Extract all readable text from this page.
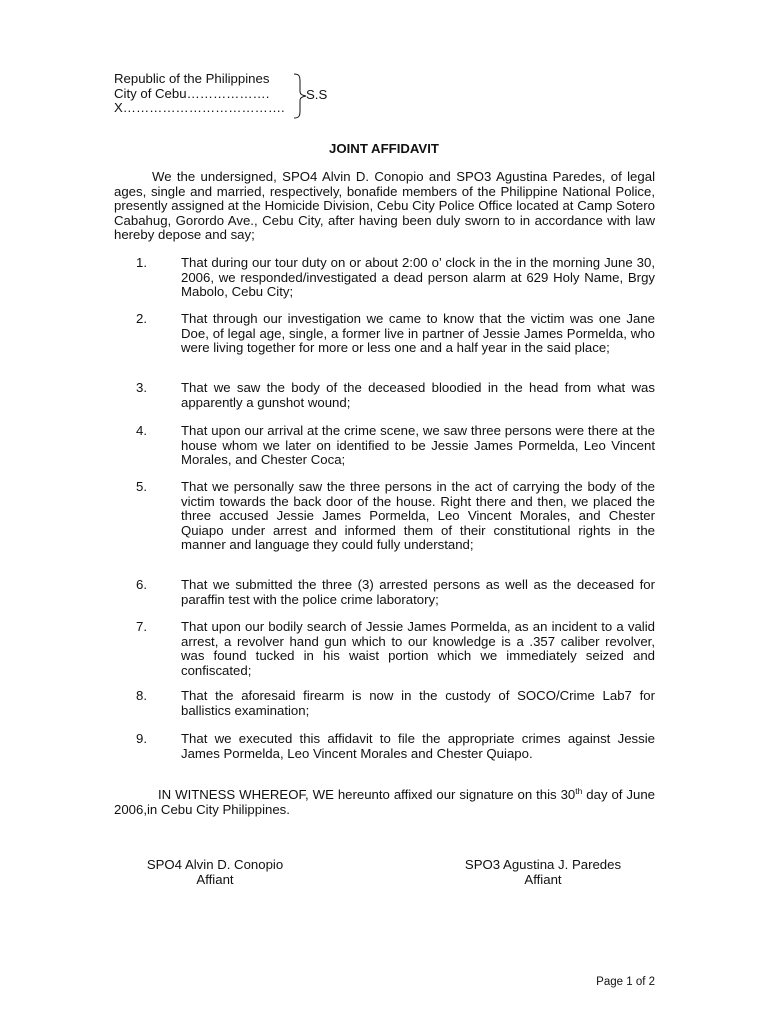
Republic of the Philippines
City of Cebu……………….
X……………………………….
S.S
JOINT AFFIDAVIT

We the undersigned, SPO4 Alvin D. Conopio and SPO3 Agustina Paredes, of legal ages, single and married, respectively, bonafide members of the Philippine National Police, presently assigned at the Homicide Division, Cebu City Police Office located at Camp Sotero Cabahug, Gorordo Ave., Cebu City, after having been duly sworn to in accordance with law hereby depose and say;

1.	That during our tour duty on or about 2:00 o’ clock in the in the morning June 30, 2006, we responded/investigated a dead person alarm at 629 Holy Name, Brgy Mabolo, Cebu City;

2.	That through our investigation we came to know that the victim was one Jane Doe, of legal age, single, a former live in partner of Jessie James Pormelda, who were living together for more or less one and a half year in the said place;

3.	That we saw the body of the deceased bloodied in the head from what was apparently a gunshot wound;

4.	That upon our arrival at the crime scene, we saw three persons were there at the house whom we later on identified to be Jessie James Pormelda, Leo Vincent Morales, and Chester Coca;

5.	That we personally saw the three persons in the act of carrying the body of the victim towards the back door of the house. Right there and then, we placed the three accused Jessie James Pormelda, Leo Vincent Morales, and Chester Quiapo under arrest and informed them of their constitutional rights in the manner and language they could fully understand;

6.	That we submitted the three (3) arrested persons as well as the deceased for paraffin test with the police crime laboratory;

7.	That upon our bodily search of Jessie James Pormelda, as an incident to a valid arrest, a revolver hand gun which to our knowledge is a .357 caliber revolver, was found tucked in his waist portion which we immediately seized and confiscated;

8.	That the aforesaid firearm is now in the custody of SOCO/Crime Lab7 for ballistics examination;

9.	That we executed this affidavit to file the appropriate crimes against Jessie James Pormelda, Leo Vincent Morales and Chester Quiapo.

IN WITNESS WHEREOF, WE hereunto affixed our signature on this 30th day of June 2006,in Cebu City Philippines.

SPO4 Alvin D. Conopio
Affiant
SPO3 Agustina J. Paredes
Affiant
Page 1 of 2
